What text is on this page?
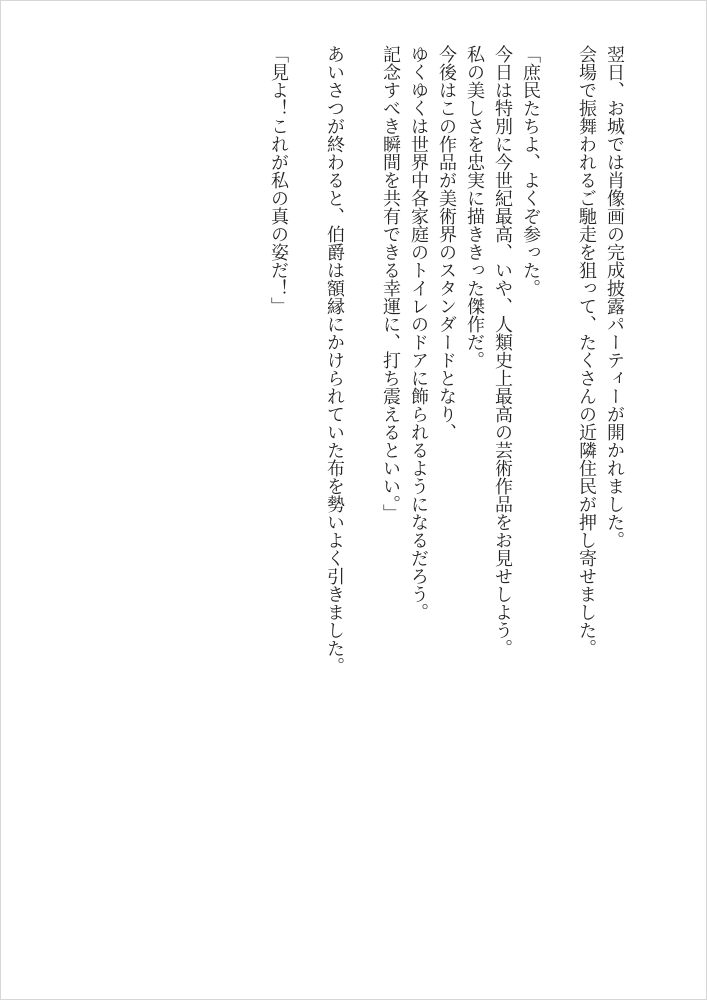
翌日、お城では肖像画の完成披露パーティーが開かれました。

会場で振舞われるご馳走を狙って、たくさんの近隣住民が押し寄せました。

「庶民たちよ、よくぞ参った。

今日は特別に今世紀最高、いや、人類史上最高の芸術作品をお見せしよう。

私の美しさを忠実に描ききった傑作だ。

今後はこの作品が美術界のスタンダードとなり、

ゆくゆくは世界中各家庭のトイレのドアに飾られるようになるだろう。

記念すべき瞬間を共有できる幸運に、打ち震えるといい。」

あいさつが終わると、伯爵は額縁にかけられていた布を勢いよく引きました。

「見よ！これが私の真の姿だ！」
